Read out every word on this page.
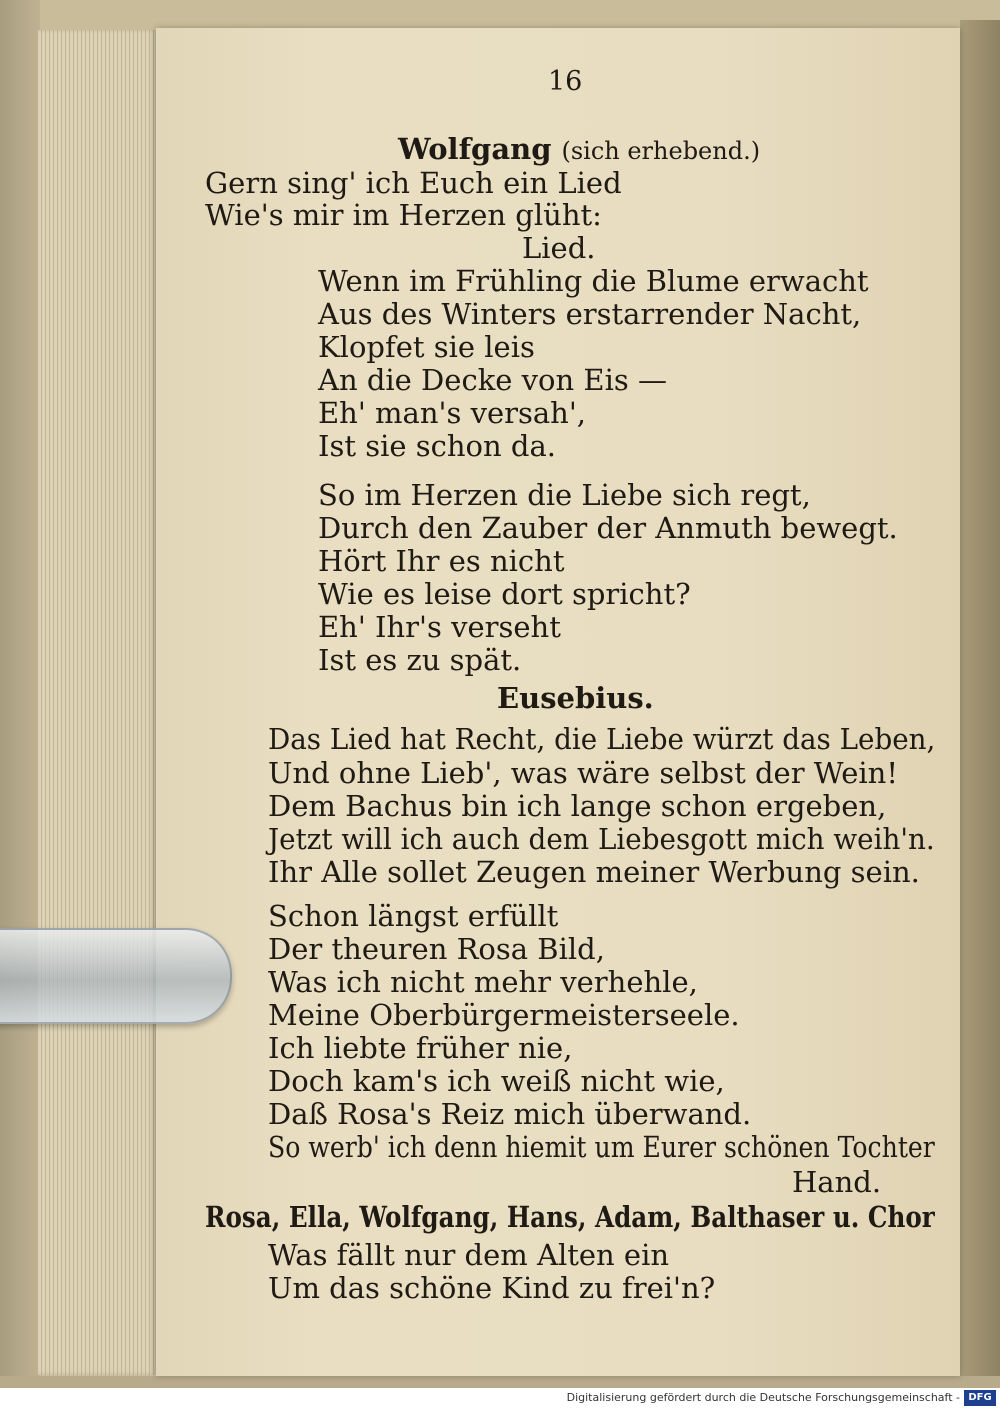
16
Wolfgang (sich erhebend.)
Gern sing' ich Euch ein Lied
Wie's mir im Herzen glüht:
Lied.
Wenn im Frühling die Blume erwacht
Aus des Winters erstarrender Nacht,
Klopfet sie leis
An die Decke von Eis —
Eh' man's versah',
Ist sie schon da.
So im Herzen die Liebe sich regt,
Durch den Zauber der Anmuth bewegt.
Hört Ihr es nicht
Wie es leise dort spricht?
Eh' Ihr's verseht
Ist es zu spät.
Eusebius.
Das Lied hat Recht, die Liebe würzt das Leben,
Und ohne Lieb', was wäre selbst der Wein!
Dem Bachus bin ich lange schon ergeben,
Jetzt will ich auch dem Liebesgott mich weih'n.
Ihr Alle sollet Zeugen meiner Werbung sein.
Schon längst erfüllt
Der theuren Rosa Bild,
Was ich nicht mehr verhehle,
Meine Oberbürgermeisterseele.
Ich liebte früher nie,
Doch kam's ich weiß nicht wie,
Daß Rosa's Reiz mich überwand.
So werb' ich denn hiemit um Eurer schönen Tochter
Hand.
Rosa, Ella, Wolfgang, Hans, Adam, Balthaser u. Chor
Was fällt nur dem Alten ein
Um das schöne Kind zu frei'n?
Digitalisierung gefördert durch die Deutsche Forschungsgemeinschaft - DFG
